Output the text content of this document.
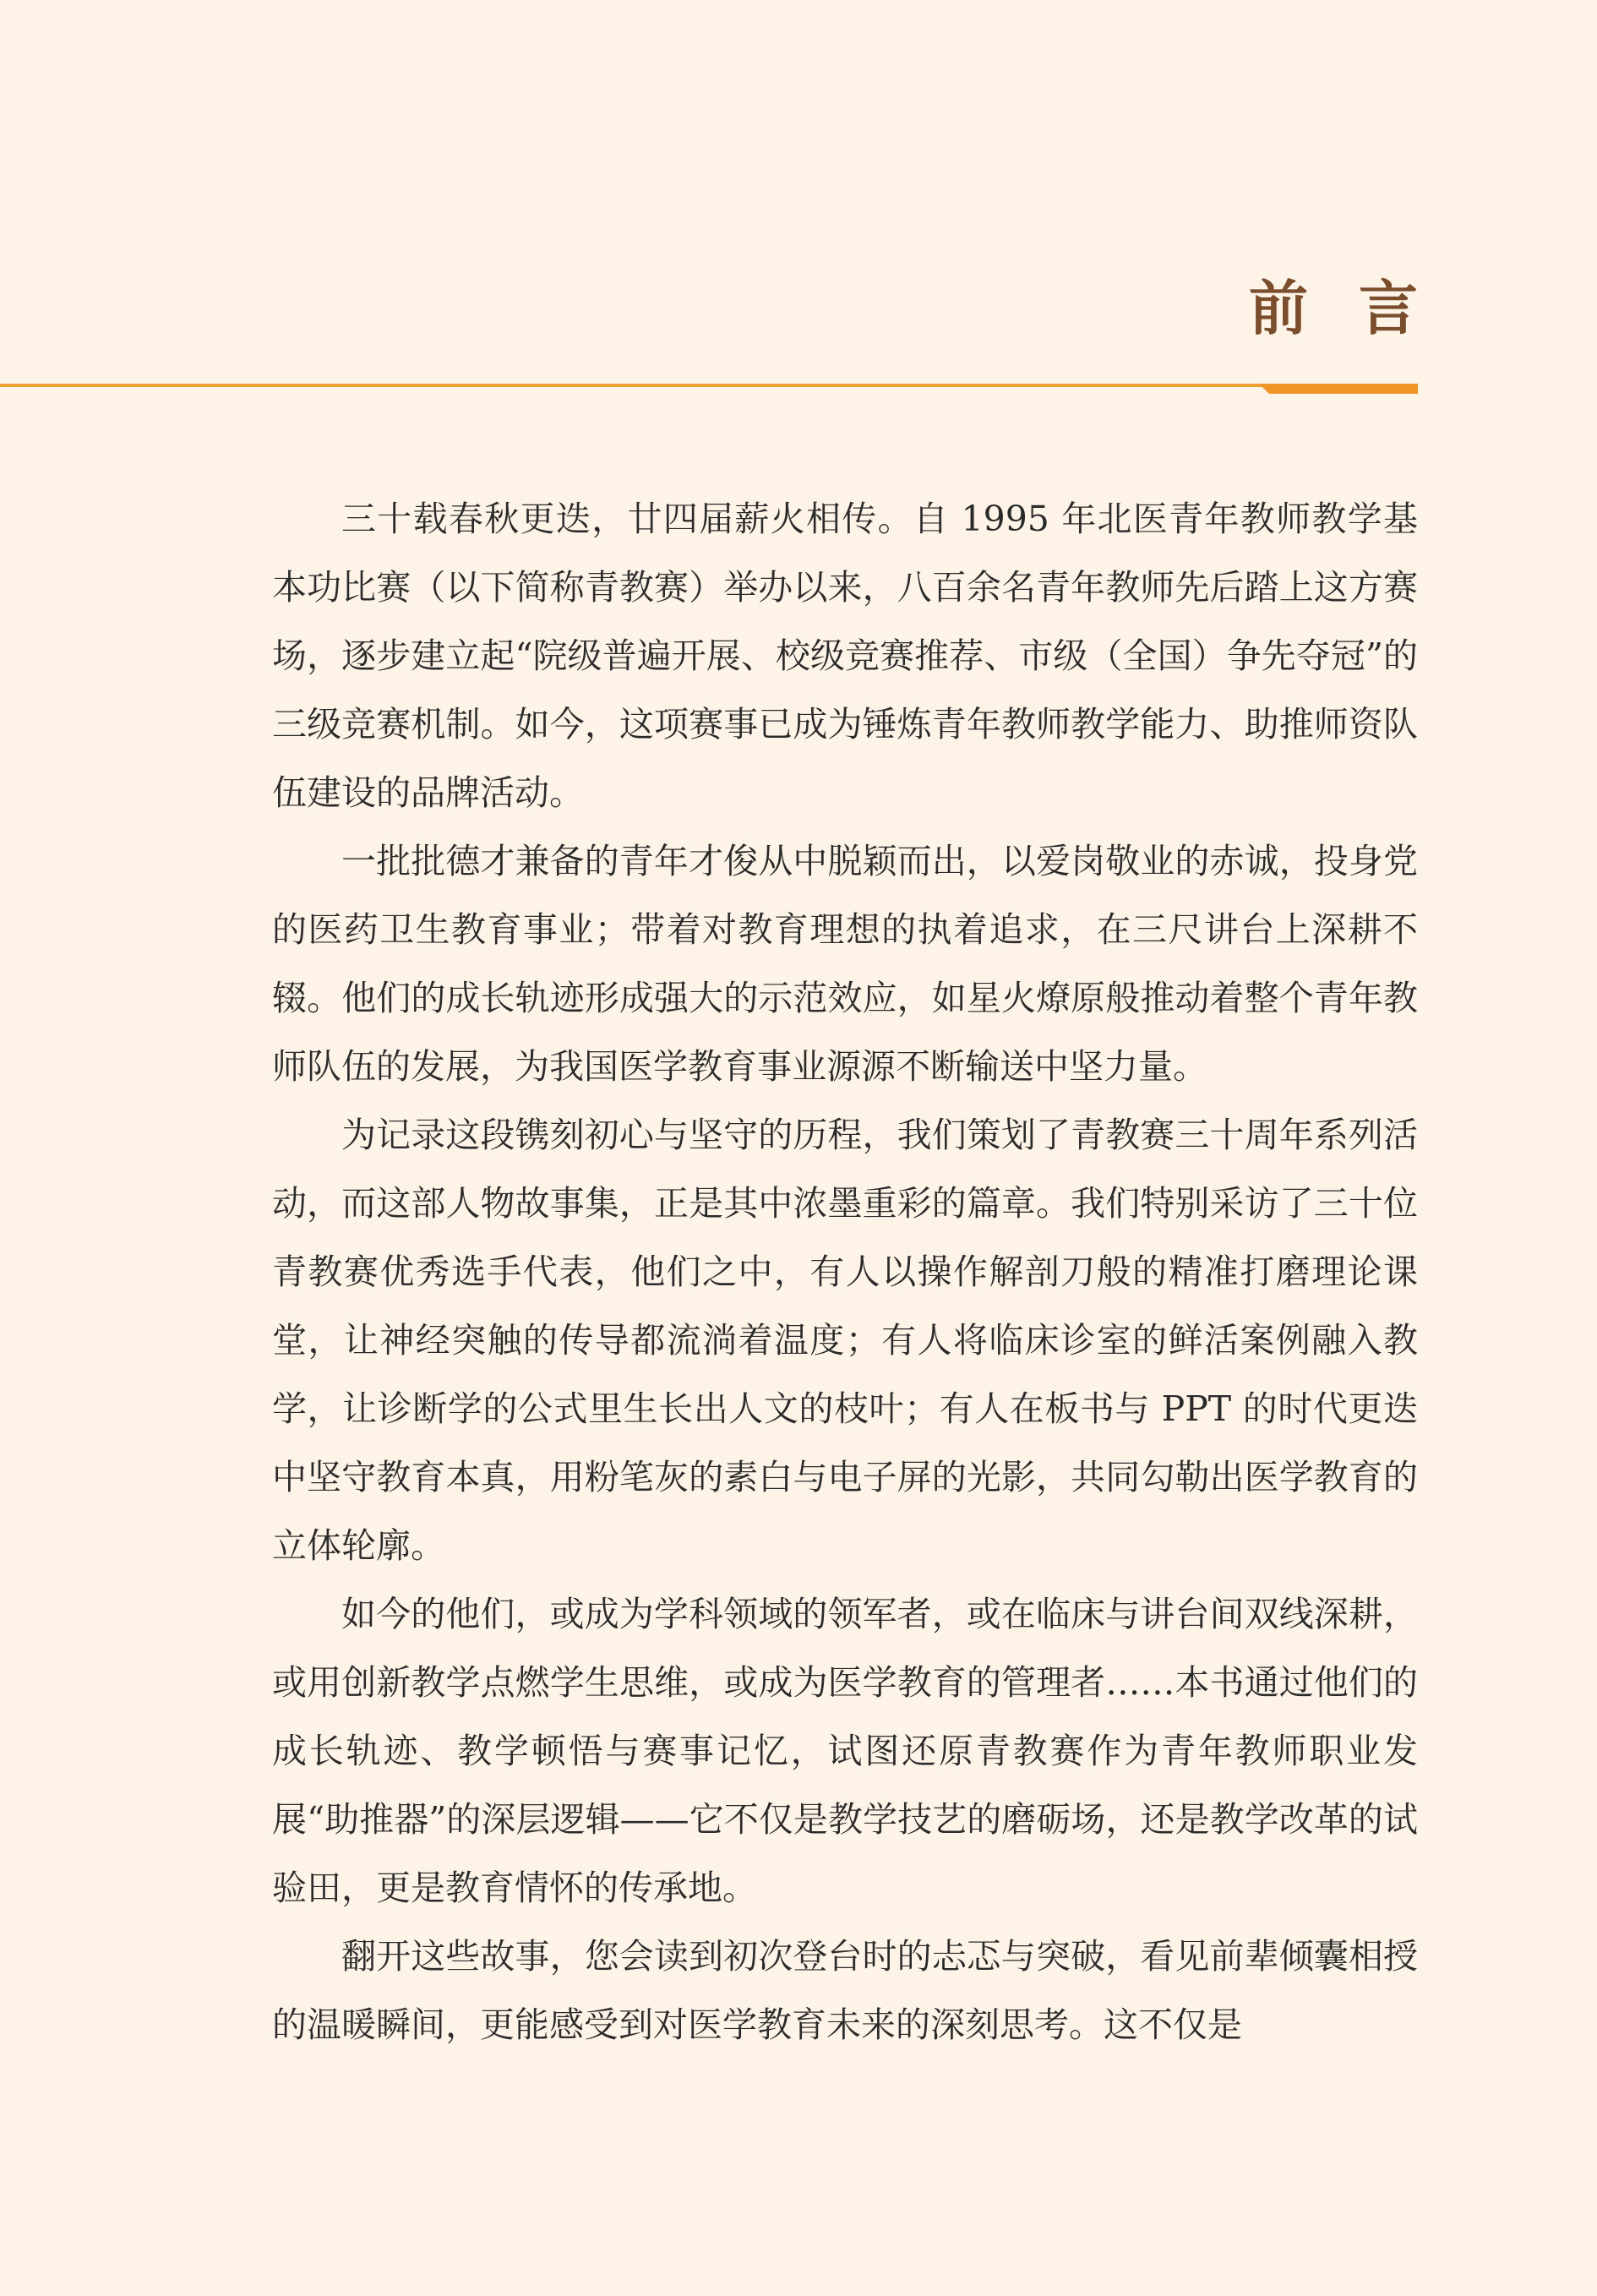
前言

三十载春秋更迭，廿四届薪火相传。自 1995 年北医青年教师教学基本功比赛（以下简称青教赛）举办以来，八百余名青年教师先后踏上这方赛场，逐步建立起“院级普遍开展、校级竞赛推荐、市级（全国）争先夺冠”的三级竞赛机制。如今，这项赛事已成为锤炼青年教师教学能力、助推师资队伍建设的品牌活动。

一批批德才兼备的青年才俊从中脱颖而出，以爱岗敬业的赤诚，投身党的医药卫生教育事业；带着对教育理想的执着追求，在三尺讲台上深耕不辍。他们的成长轨迹形成强大的示范效应，如星火燎原般推动着整个青年教师队伍的发展，为我国医学教育事业源源不断输送中坚力量。

为记录这段镌刻初心与坚守的历程，我们策划了青教赛三十周年系列活动，而这部人物故事集，正是其中浓墨重彩的篇章。我们特别采访了三十位青教赛优秀选手代表，他们之中，有人以操作解剖刀般的精准打磨理论课堂，让神经突触的传导都流淌着温度；有人将临床诊室的鲜活案例融入教学，让诊断学的公式里生长出人文的枝叶；有人在板书与 PPT 的时代更迭中坚守教育本真，用粉笔灰的素白与电子屏的光影，共同勾勒出医学教育的立体轮廓。

如今的他们，或成为学科领域的领军者，或在临床与讲台间双线深耕，或用创新教学点燃学生思维，或成为医学教育的管理者……本书通过他们的成长轨迹、教学顿悟与赛事记忆，试图还原青教赛作为青年教师职业发展“助推器”的深层逻辑——它不仅是教学技艺的磨砺场，还是教学改革的试验田，更是教育情怀的传承地。

翻开这些故事，您会读到初次登台时的忐忑与突破，看见前辈倾囊相授的温暖瞬间，更能感受到对医学教育未来的深刻思考。这不仅是
